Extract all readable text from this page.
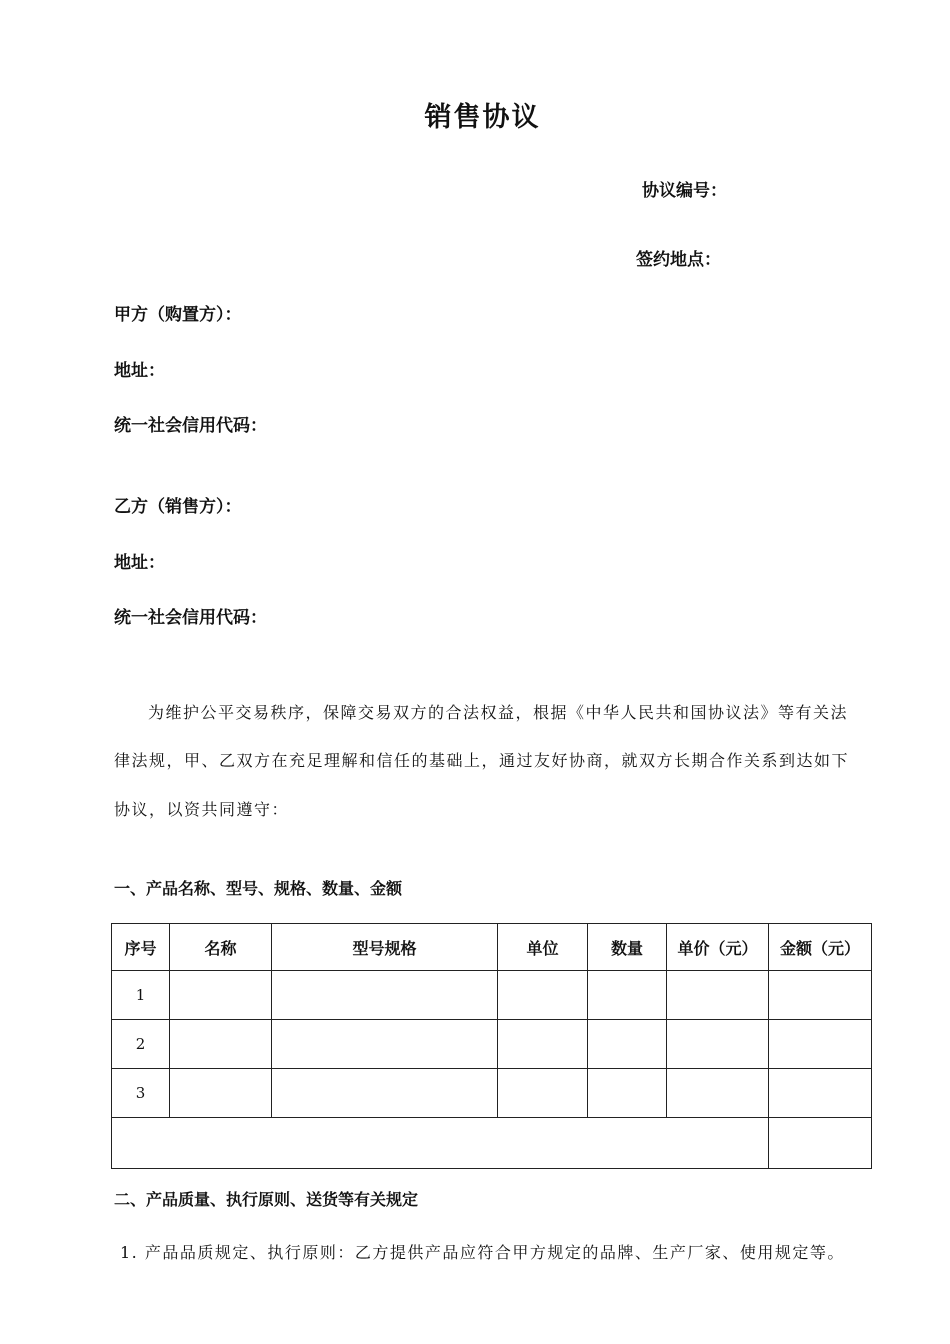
销售协议
协议编号：
签约地点：
甲方（购置方）：
地址：
统一社会信用代码：
乙方（销售方）：
地址：
统一社会信用代码：
为维护公平交易秩序，保障交易双方的合法权益，根据《中华人民共和国协议法》等有关法
律法规，甲、乙双方在充足理解和信任的基础上，通过友好协商，就双方长期合作关系到达如下
协议，以资共同遵守：
一、产品名称、型号、规格、数量、金额
序号	名称	型号规格	单位	数量	单价（元）	金额（元）
1						
2						
3						

二、产品质量、执行原则、送货等有关规定
1. 产品品质规定、执行原则：乙方提供产品应符合甲方规定的品牌、生产厂家、使用规定等。
